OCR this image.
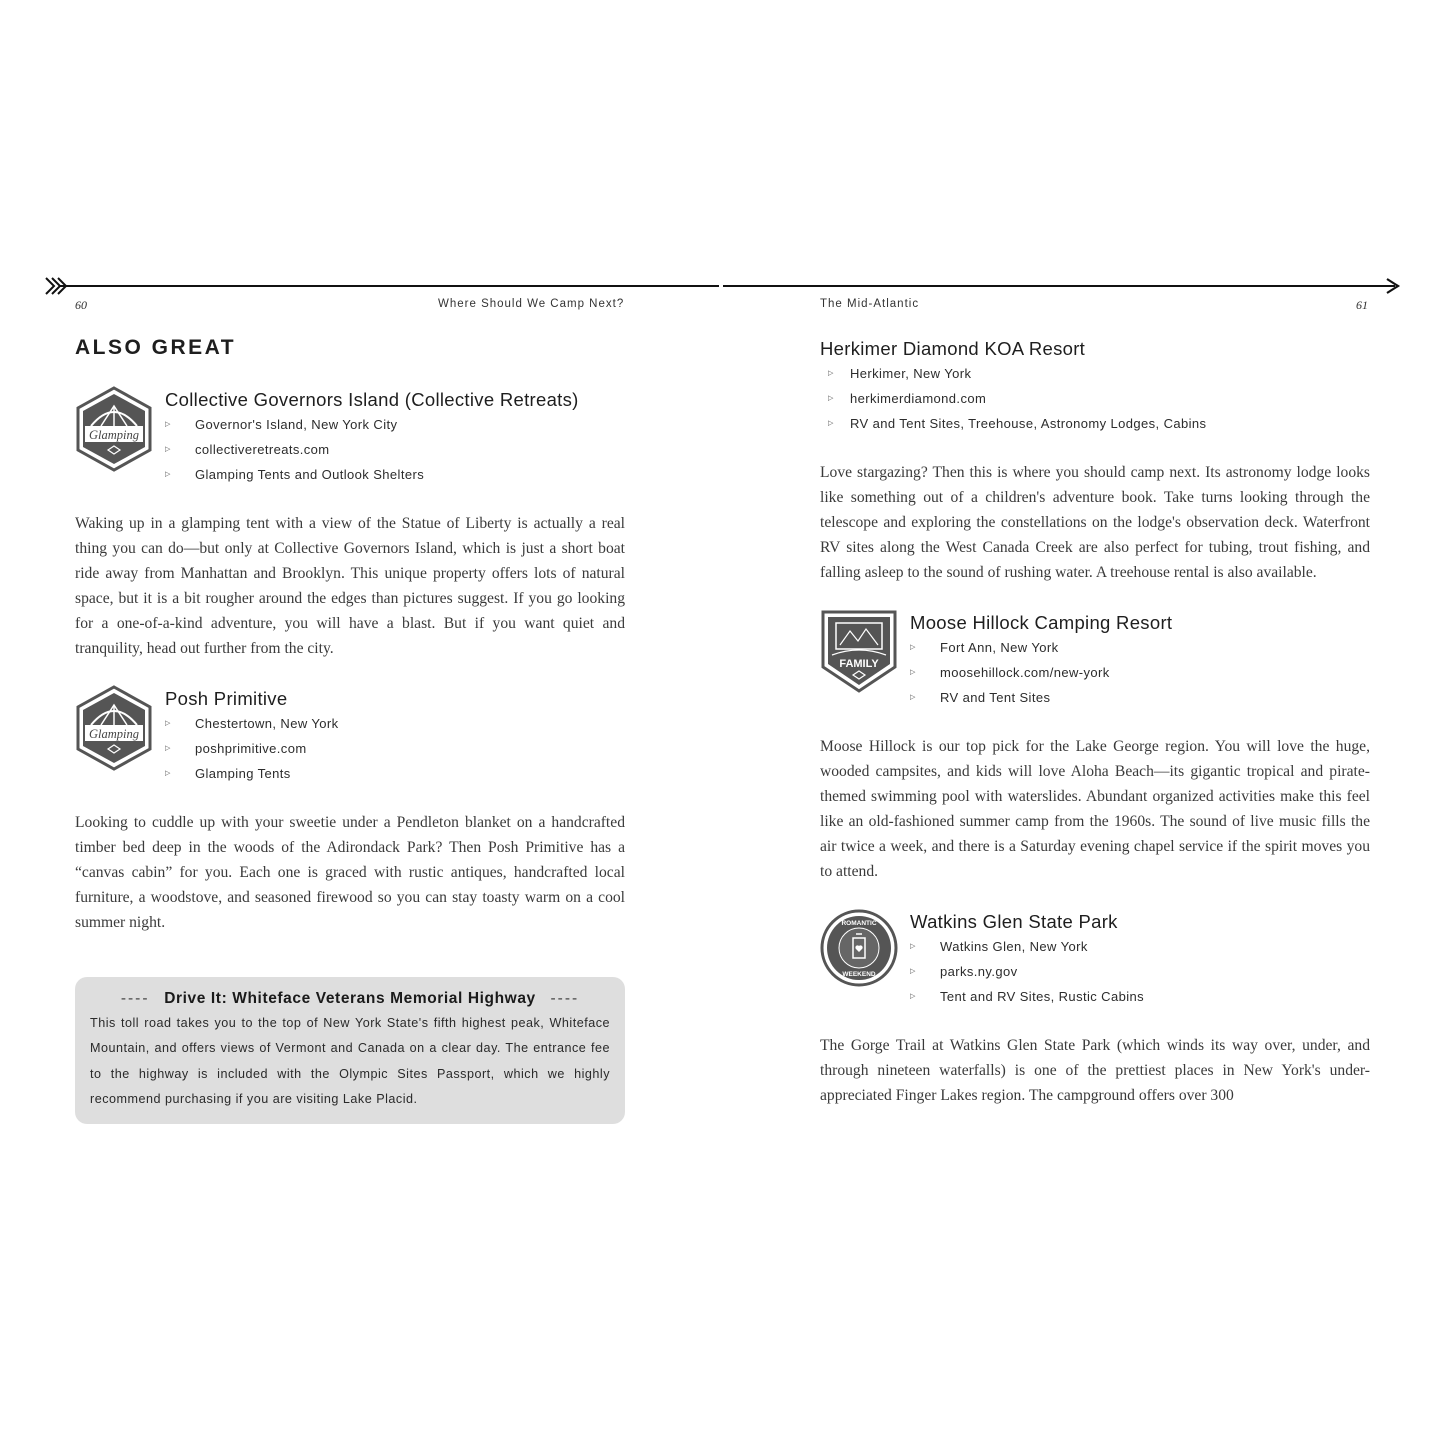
60	Where Should We Camp Next?	The Mid-Atlantic	61
ALSO GREAT
Glamping
Collective Governors Island (Collective Retreats)
▷ Governor's Island, New York City
▷ collectiveretreats.com
▷ Glamping Tents and Outlook Shelters

Waking up in a glamping tent with a view of the Statue of Liberty is actually a real thing you can do—but only at Collective Governors Island, which is just a short boat ride away from Manhattan and Brooklyn. This unique property offers lots of natural space, but it is a bit rougher around the edges than pictures suggest. If you go looking for a one-of-a-kind adventure, you will have a blast. But if you want quiet and tranquility, head out further from the city.

Glamping
Posh Primitive
▷ Chestertown, New York
▷ poshprimitive.com
▷ Glamping Tents

Looking to cuddle up with your sweetie under a Pendleton blanket on a handcrafted timber bed deep in the woods of the Adirondack Park? Then Posh Primitive has a “canvas cabin” for you. Each one is graced with rustic antiques, handcrafted local furniture, a woodstove, and seasoned firewood so you can stay toasty warm on a cool summer night.

---- Drive It: Whiteface Veterans Memorial Highway ----
This toll road takes you to the top of New York State's fifth highest peak, Whiteface Mountain, and offers views of Vermont and Canada on a clear day. The entrance fee to the highway is included with the Olympic Sites Passport, which we highly recommend purchasing if you are visiting Lake Placid.
Herkimer Diamond KOA Resort
▷ Herkimer, New York
▷ herkimerdiamond.com
▷ RV and Tent Sites, Treehouse, Astronomy Lodges, Cabins

Love stargazing? Then this is where you should camp next. Its astronomy lodge looks like something out of a children's adventure book. Take turns looking through the telescope and exploring the constellations on the lodge's observation deck. Waterfront RV sites along the West Canada Creek are also perfect for tubing, trout fishing, and falling asleep to the sound of rushing water. A treehouse rental is also available.

FAMILY
Moose Hillock Camping Resort
▷ Fort Ann, New York
▷ moosehillock.com/new-york
▷ RV and Tent Sites

Moose Hillock is our top pick for the Lake George region. You will love the huge, wooded campsites, and kids will love Aloha Beach—its gigantic tropical and pirate-themed swimming pool with waterslides. Abundant organized activities make this feel like an old-fashioned summer camp from the 1960s. The sound of live music fills the air twice a week, and there is a Saturday evening chapel service if the spirit moves you to attend.

ROMANTIC
WEEKEND
Watkins Glen State Park
▷ Watkins Glen, New York
▷ parks.ny.gov
▷ Tent and RV Sites, Rustic Cabins

The Gorge Trail at Watkins Glen State Park (which winds its way over, under, and through nineteen waterfalls) is one of the prettiest places in New York's under-appreciated Finger Lakes region. The campground offers over 300
